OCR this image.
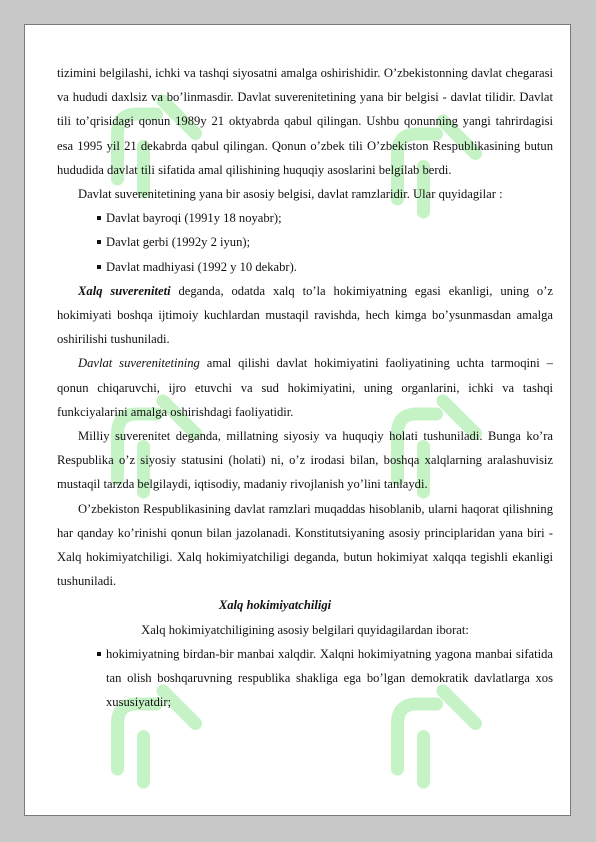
tizimini belgilashi, ichki va tashqi siyosatni amalga oshirishidir. O’zbekistonning davlat chegarasi va hududi daxlsiz va bo’linmasdir. Davlat suverenitetining yana bir belgisi - davlat tilidir. Davlat tili to’qrisidagi qonun 1989y 21 oktyabrda qabul qilingan. Ushbu qonunning yangi tahrirdagisi esa 1995 yil 21 dekabrda qabul qilingan. Qonun o’zbek tili O’zbekiston Respublikasining butun hududida davlat tili sifatida amal qilishining huquqiy asoslarini belgilab berdi.

Davlat suverenitetining yana bir asosiy belgisi, davlat ramzlaridir. Ular quyidagilar :

Davlat bayroqi (1991y 18 noyabr);
Davlat gerbi (1992y 2 iyun);
Davlat madhiyasi (1992 y 10 dekabr).

Xalq suvereniteti deganda, odatda xalq to’la hokimiyatning egasi ekanligi, uning o’z hokimiyati boshqa ijtimoiy kuchlardan mustaqil ravishda, hech kimga bo’ysunmasdan amalga oshirilishi tushuniladi.

Davlat suverenitetining amal qilishi davlat hokimiyatini faoliyatining uchta tarmoqini – qonun chiqaruvchi, ijro etuvchi va sud hokimiyatini, uning organlarini, ichki va tashqi funkciyalarini amalga oshirishdagi faoliyatidir.

Milliy suverenitet deganda, millatning siyosiy va huquqiy holati tushuniladi. Bunga ko’ra Respublika o’z siyosiy statusini (holati) ni, o’z irodasi bilan, boshqa xalqlarning aralashuvisiz mustaqil tarzda belgilaydi, iqtisodiy, madaniy rivojlanish yo’lini tanlaydi.

O’zbekiston Respublikasining davlat ramzlari muqaddas hisoblanib, ularni haqorat qilishning har qanday ko’rinishi qonun bilan jazolanadi. Konstitutsiyaning asosiy principlaridan yana biri - Xalq hokimiyatchiligi. Xalq hokimiyatchiligi deganda, butun hokimiyat xalqqa tegishli ekanligi tushuniladi.

Xalq hokimiyatchiligi
Xalq hokimiyatchiligining asosiy belgilari quyidagilardan iborat:
hokimiyatning birdan-bir manbai xalqdir. Xalqni hokimiyatning yagona manbai sifatida tan olish boshqaruvning respublika shakliga ega bo’lgan demokratik davlatlarga xos xususiyatdir;
